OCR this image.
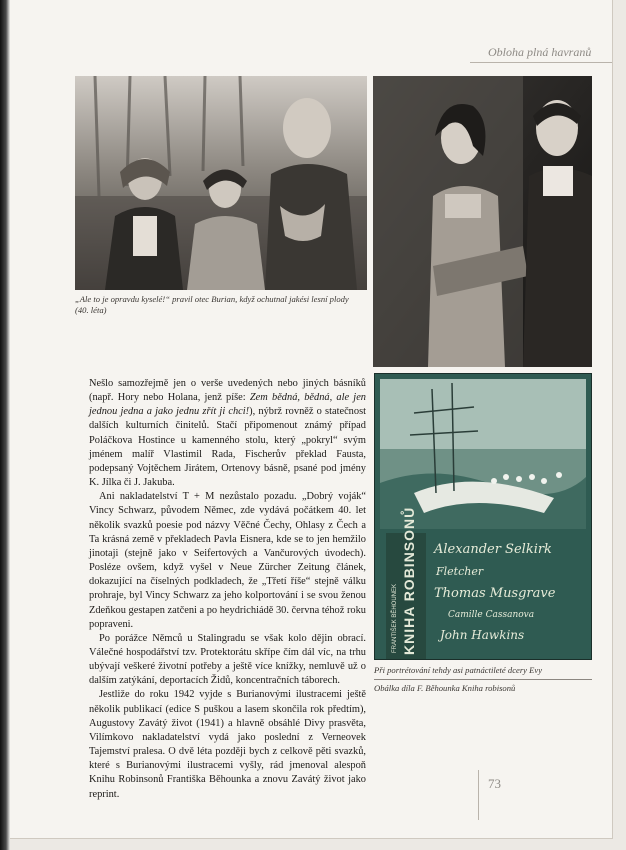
Obloha plná havranů
„Ale to je opravdu kyselé!“ pravil otec Burian, když ochutnal jakési lesní plody (40. léta)
FRANTIŠEK BĚHOUNEK KNIHA ROBINSONŮ Alexander Selkirk
Fletcher
Thomas Musgrave
Camille Cassanova
John Hawkins
Při portrétování tehdy asi patnáctileté dcery Evy
Obálka díla F. Běhounka Kniha robisonů

Nešlo samozřejmě jen o verše uvedených nebo jiných básníků (např. Hory nebo Holana, jenž píše: Zem bědná, bědná, ale jen jednou jedna a jako jednu zřít ji chci!), nýbrž rovněž o statečnost dalších kulturních činitelů. Stačí připomenout známý případ Poláčkova Hostince u kamenného stolu, který „pokryl“ svým jménem malíř Vlastimil Rada, Fischerův překlad Fausta, podepsaný Vojtěchem Jirátem, Ortenovy básně, psané pod jmény K. Jílka či J. Jakuba.

Ani nakladatelství T + M nezůstalo pozadu. „Dobrý voják“ Vincy Schwarz, původem Němec, zde vydává počátkem 40. let několik svazků poesie pod názvy Věčné Čechy, Ohlasy z Čech a Ta krásná země v překladech Pavla Eisnera, kde se to jen hemžilo jinotaji (stejně jako v Seifertových a Vančurových úvodech). Posléze ovšem, když vyšel v Neue Zürcher Zeitung článek, dokazující na číselných podkladech, že „Třetí říše“ stejně válku prohraje, byl Vincy Schwarz za jeho kolportování i se svou ženou Zdeňkou gestapen zatčeni a po heydrichiádě 30. června téhož roku popraveni.

Po porážce Němců u Stalingradu se však kolo dějin obrací. Válečné hospodářství tzv. Protektorátu skřípe čím dál víc, na trhu ubývají veškeré životní potřeby a ještě více knížky, nemluvě už o dalším zatýkání, deportacích Židů, koncentračních táborech.

Jestliže do roku 1942 vyjde s Burianovými ilustracemi ještě několik publikací (edice S puškou a lasem skončila rok předtím), Augustovy Zavátý život (1941) a hlavně obsáhlé Divy prasvěta, Vilímkovo nakladatelství vydá jako poslední z Verneovek Tajemství pralesa. O dvě léta později bych z celkově pěti svazků, které s Burianovými ilustracemi vyšly, rád jmenoval alespoň Knihu Robinsonů Františka Běhounka a znovu Zavátý život jako reprint.

73
